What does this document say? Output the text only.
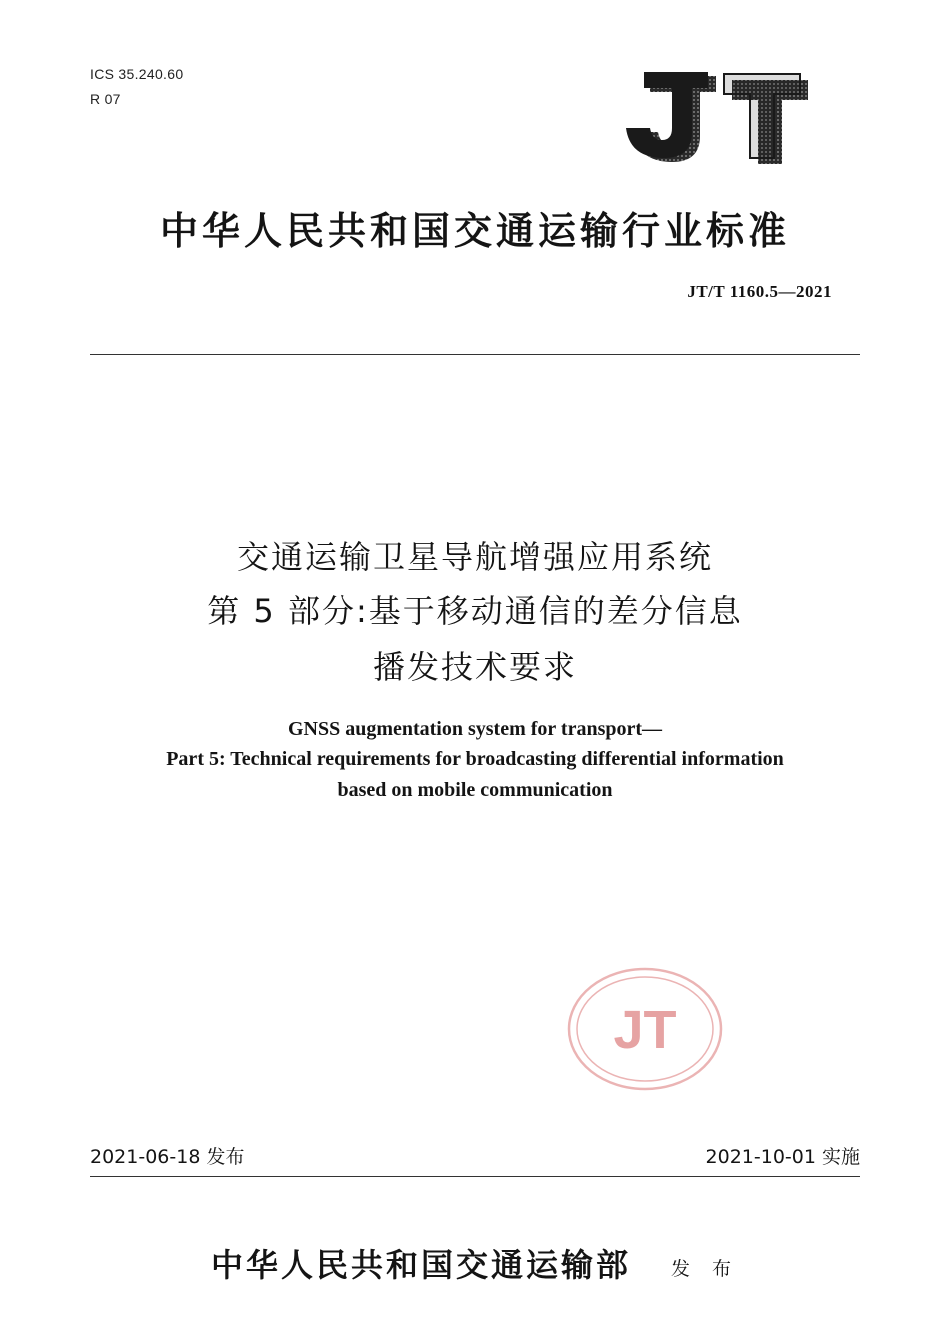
ICS 35.240.60
R 07
中华人民共和国交通运输行业标准
JT/T 1160.5—2021
交通运输卫星导航增强应用系统
第 5 部分:基于移动通信的差分信息
播发技术要求
GNSS augmentation system for transport—
Part 5: Technical requirements for broadcasting differential information
based on mobile communication
JT
2021-06-18 发布	2021-10-01 实施
中华人民共和国交通运输部 发 布
